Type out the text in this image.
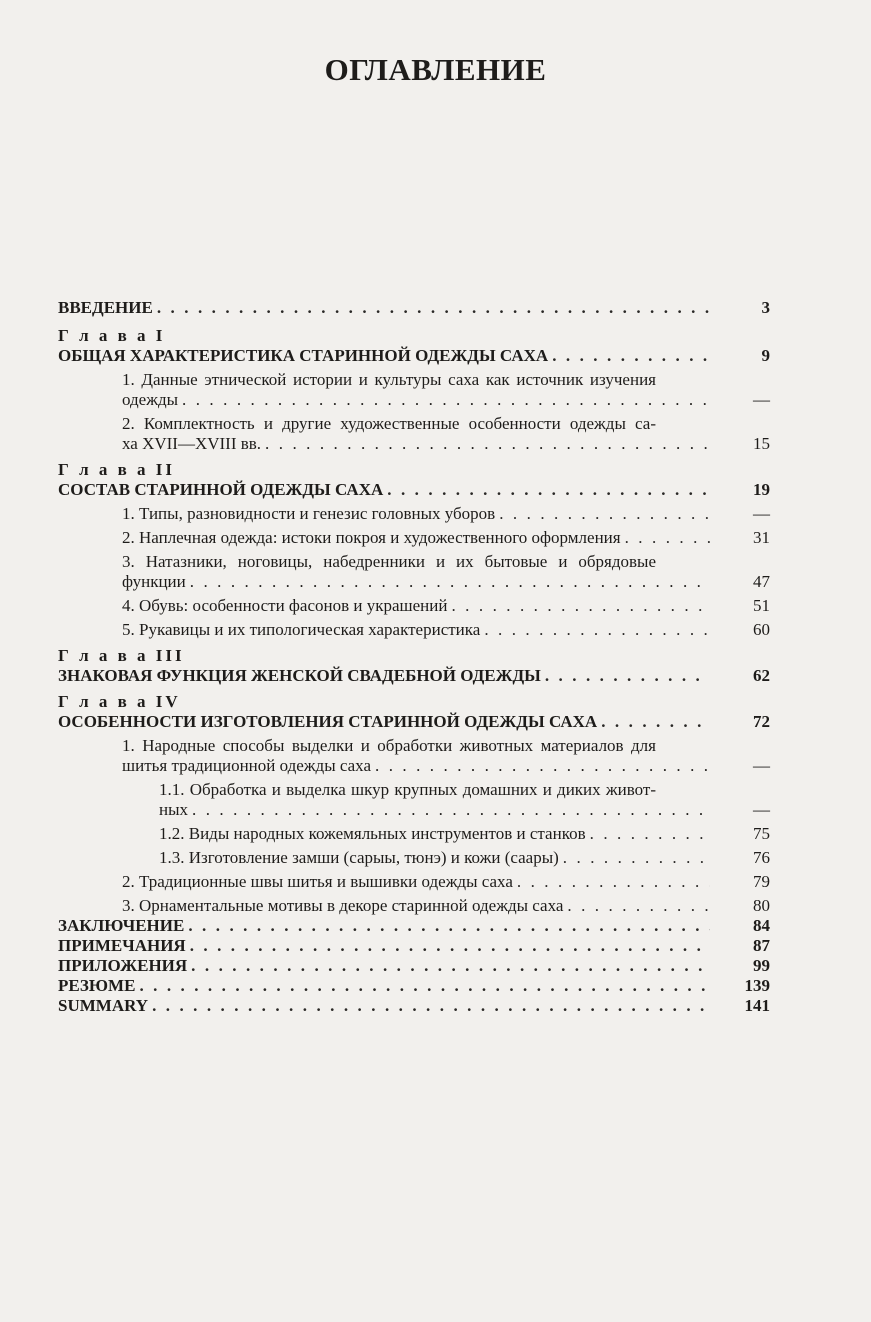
ОГЛАВЛЕНИЕ
ВВЕДЕНИЕ . . .	3
Г л а в а I
ОБЩАЯ ХАРАКТЕРИСТИКА СТАРИННОЙ ОДЕЖДЫ САХА . . .	9
1. Данные этнической истории и культуры саха как источник изучения
одежды . . .	—
2. Комплектность и другие художественные особенности одежды са-
ха XVII—XVIII вв. . . .	15
Г л а в а II
СОСТАВ СТАРИННОЙ ОДЕЖДЫ САХА . . .	19
1. Типы, разновидности и генезис головных уборов . . .	—
2. Наплечная одежда: истоки покроя и художественного оформления . . .	31
3. Натазники, ноговицы, набедренники и их бытовые и обрядовые
функции . . .	47
4. Обувь: особенности фасонов и украшений . . .	51
5. Рукавицы и их типологическая характеристика . . .	60
Г л а в а III
ЗНАКОВАЯ ФУНКЦИЯ ЖЕНСКОЙ СВАДЕБНОЙ ОДЕЖДЫ . . .	62
Г л а в а IV
ОСОБЕННОСТИ ИЗГОТОВЛЕНИЯ СТАРИННОЙ ОДЕЖДЫ САХА . . .	72
1. Народные способы выделки и обработки животных материалов для
шитья традиционной одежды саха . . .	—
1.1. Обработка и выделка шкур крупных домашних и диких живот-
ных . . .	—
1.2. Виды народных кожемяльных инструментов и станков . . .	75
1.3. Изготовление замши (сарыы, тюнэ) и кожи (саары) . . .	76
2. Традиционные швы шитья и вышивки одежды саха . . .	79
3. Орнаментальные мотивы в декоре старинной одежды саха . . .	80
ЗАКЛЮЧЕНИЕ . . .	84
ПРИМЕЧАНИЯ . . .	87
ПРИЛОЖЕНИЯ . . .	99
РЕЗЮМЕ . . .	139
SUMMARY . . .	141
